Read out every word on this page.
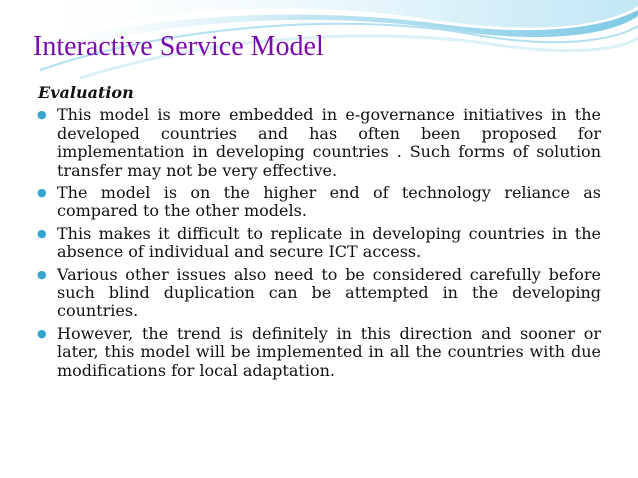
Interactive Service Model

Evaluation

● This model is more embedded in e-governance initiatives in the developed countries and has often been proposed for implementation in developing countries . Such forms of solution transfer may not be very effective.
● The model is on the higher end of technology reliance as compared to the other models.
● This makes it difficult to replicate in developing countries in the absence of individual and secure ICT access.
● Various other issues also need to be considered carefully before such blind duplication can be attempted in the developing countries.
● However, the trend is definitely in this direction and sooner or later, this model will be implemented in all the countries with due modifications for local adaptation.
